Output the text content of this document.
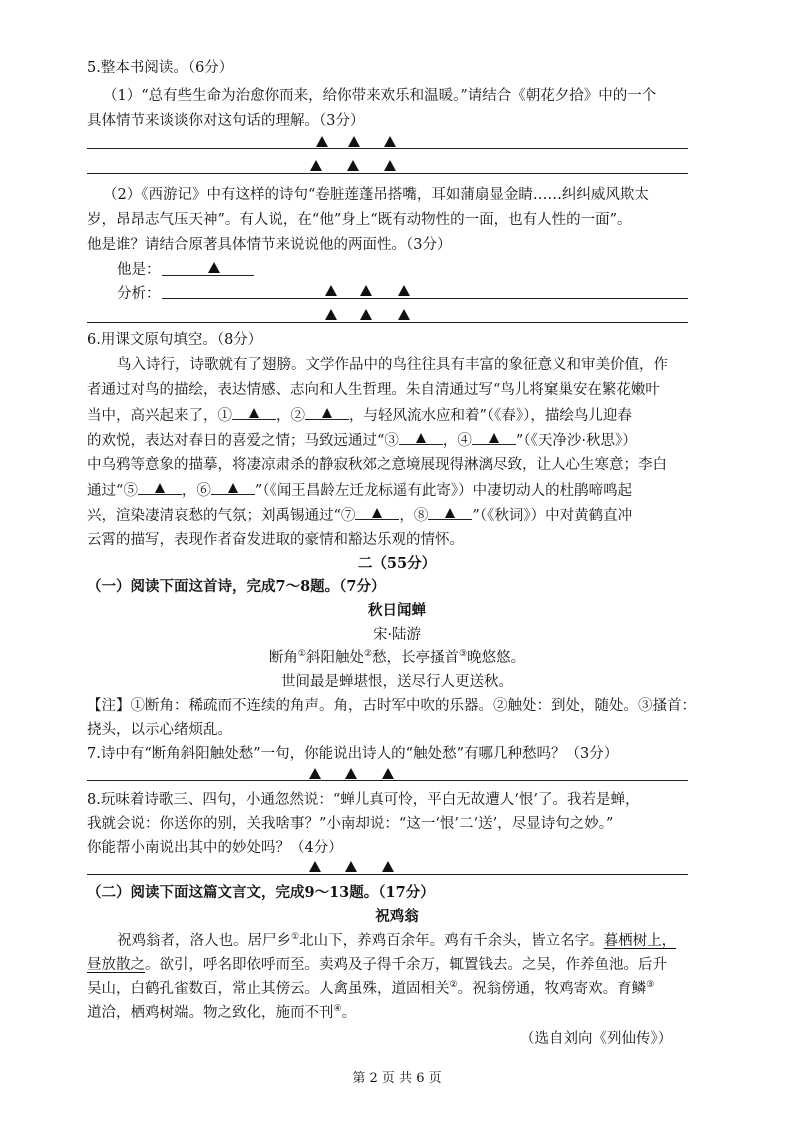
5.整本书阅读。（6分）
（1）“总有些生命为治愈你而来，给你带来欢乐和温暖。”请结合《朝花夕拾》中的一个
具体情节来谈谈你对这句话的理解。（3分）
（2）《西游记》中有这样的诗句“卷脏莲蓬吊搭嘴，耳如蒲扇显金睛……纠纠威风欺太
岁，昂昂志气压天神”。有人说，在“他”身上“既有动物性的一面，也有人性的一面”。
他是谁？请结合原著具体情节来说说他的两面性。（3分）
他是：
分析：
6.用课文原句填空。（8分）
鸟入诗行，诗歌就有了翅膀。文学作品中的鸟往往具有丰富的象征意义和审美价值，作
者通过对鸟的描绘，表达情感、志向和人生哲理。朱自清通过写“鸟儿将窠巢安在繁花嫩叶
当中，高兴起来了，①	，②	，与轻风流水应和着”（《春》），描绘鸟儿迎春
的欢悦，表达对春日的喜爱之情；马致远通过“③	，④	”（《天净沙·秋思》）
中乌鸦等意象的描摹，将凄凉肃杀的静寂秋郊之意境展现得淋漓尽致，让人心生寒意；李白
通过“⑤	，⑥	”（《闻王昌龄左迁龙标遥有此寄》）中凄切动人的杜鹃啼鸣起
兴，渲染凄清哀愁的气氛；刘禹锡通过“⑦	，⑧	”（《秋词》）中对黄鹤直冲
云霄的描写，表现作者奋发进取的豪情和豁达乐观的情怀。
二（55分）
（一）阅读下面这首诗，完成7～8题。（7分）
秋日闻蝉
宋·陆游
断角①斜阳触处②愁，长亭搔首③晚悠悠。
世间最是蝉堪恨，送尽行人更送秋。
【注】①断角：稀疏而不连续的角声。角，古时军中吹的乐器。②触处：到处，随处。③搔首：
挠头，以示心绪烦乱。
7.诗中有“断角斜阳触处愁”一句，你能说出诗人的“触处愁”有哪几种愁吗？（3分）
8.玩味着诗歌三、四句，小通忽然说：“蝉儿真可怜，平白无故遭人‘恨’了。我若是蝉，
我就会说：你送你的别，关我啥事？”小南却说：“这一‘恨’二‘送’，尽显诗句之妙。”
你能帮小南说出其中的妙处吗？（4分）
（二）阅读下面这篇文言文，完成9～13题。（17分）
祝鸡翁
祝鸡翁者，洛人也。居尸乡①北山下，养鸡百余年。鸡有千余头，皆立名字。暮栖树上，
昼放散之。欲引，呼名即依呼而至。卖鸡及子得千余万，辄置钱去。之吴，作养鱼池。后升
吴山，白鹤孔雀数百，常止其傍云。人禽虽殊，道固相关②。祝翁傍通，牧鸡寄欢。育鳞③
道洽，栖鸡树端。物之致化，施而不刊④。
（选自刘向《列仙传》）
第 2 页 共 6 页
